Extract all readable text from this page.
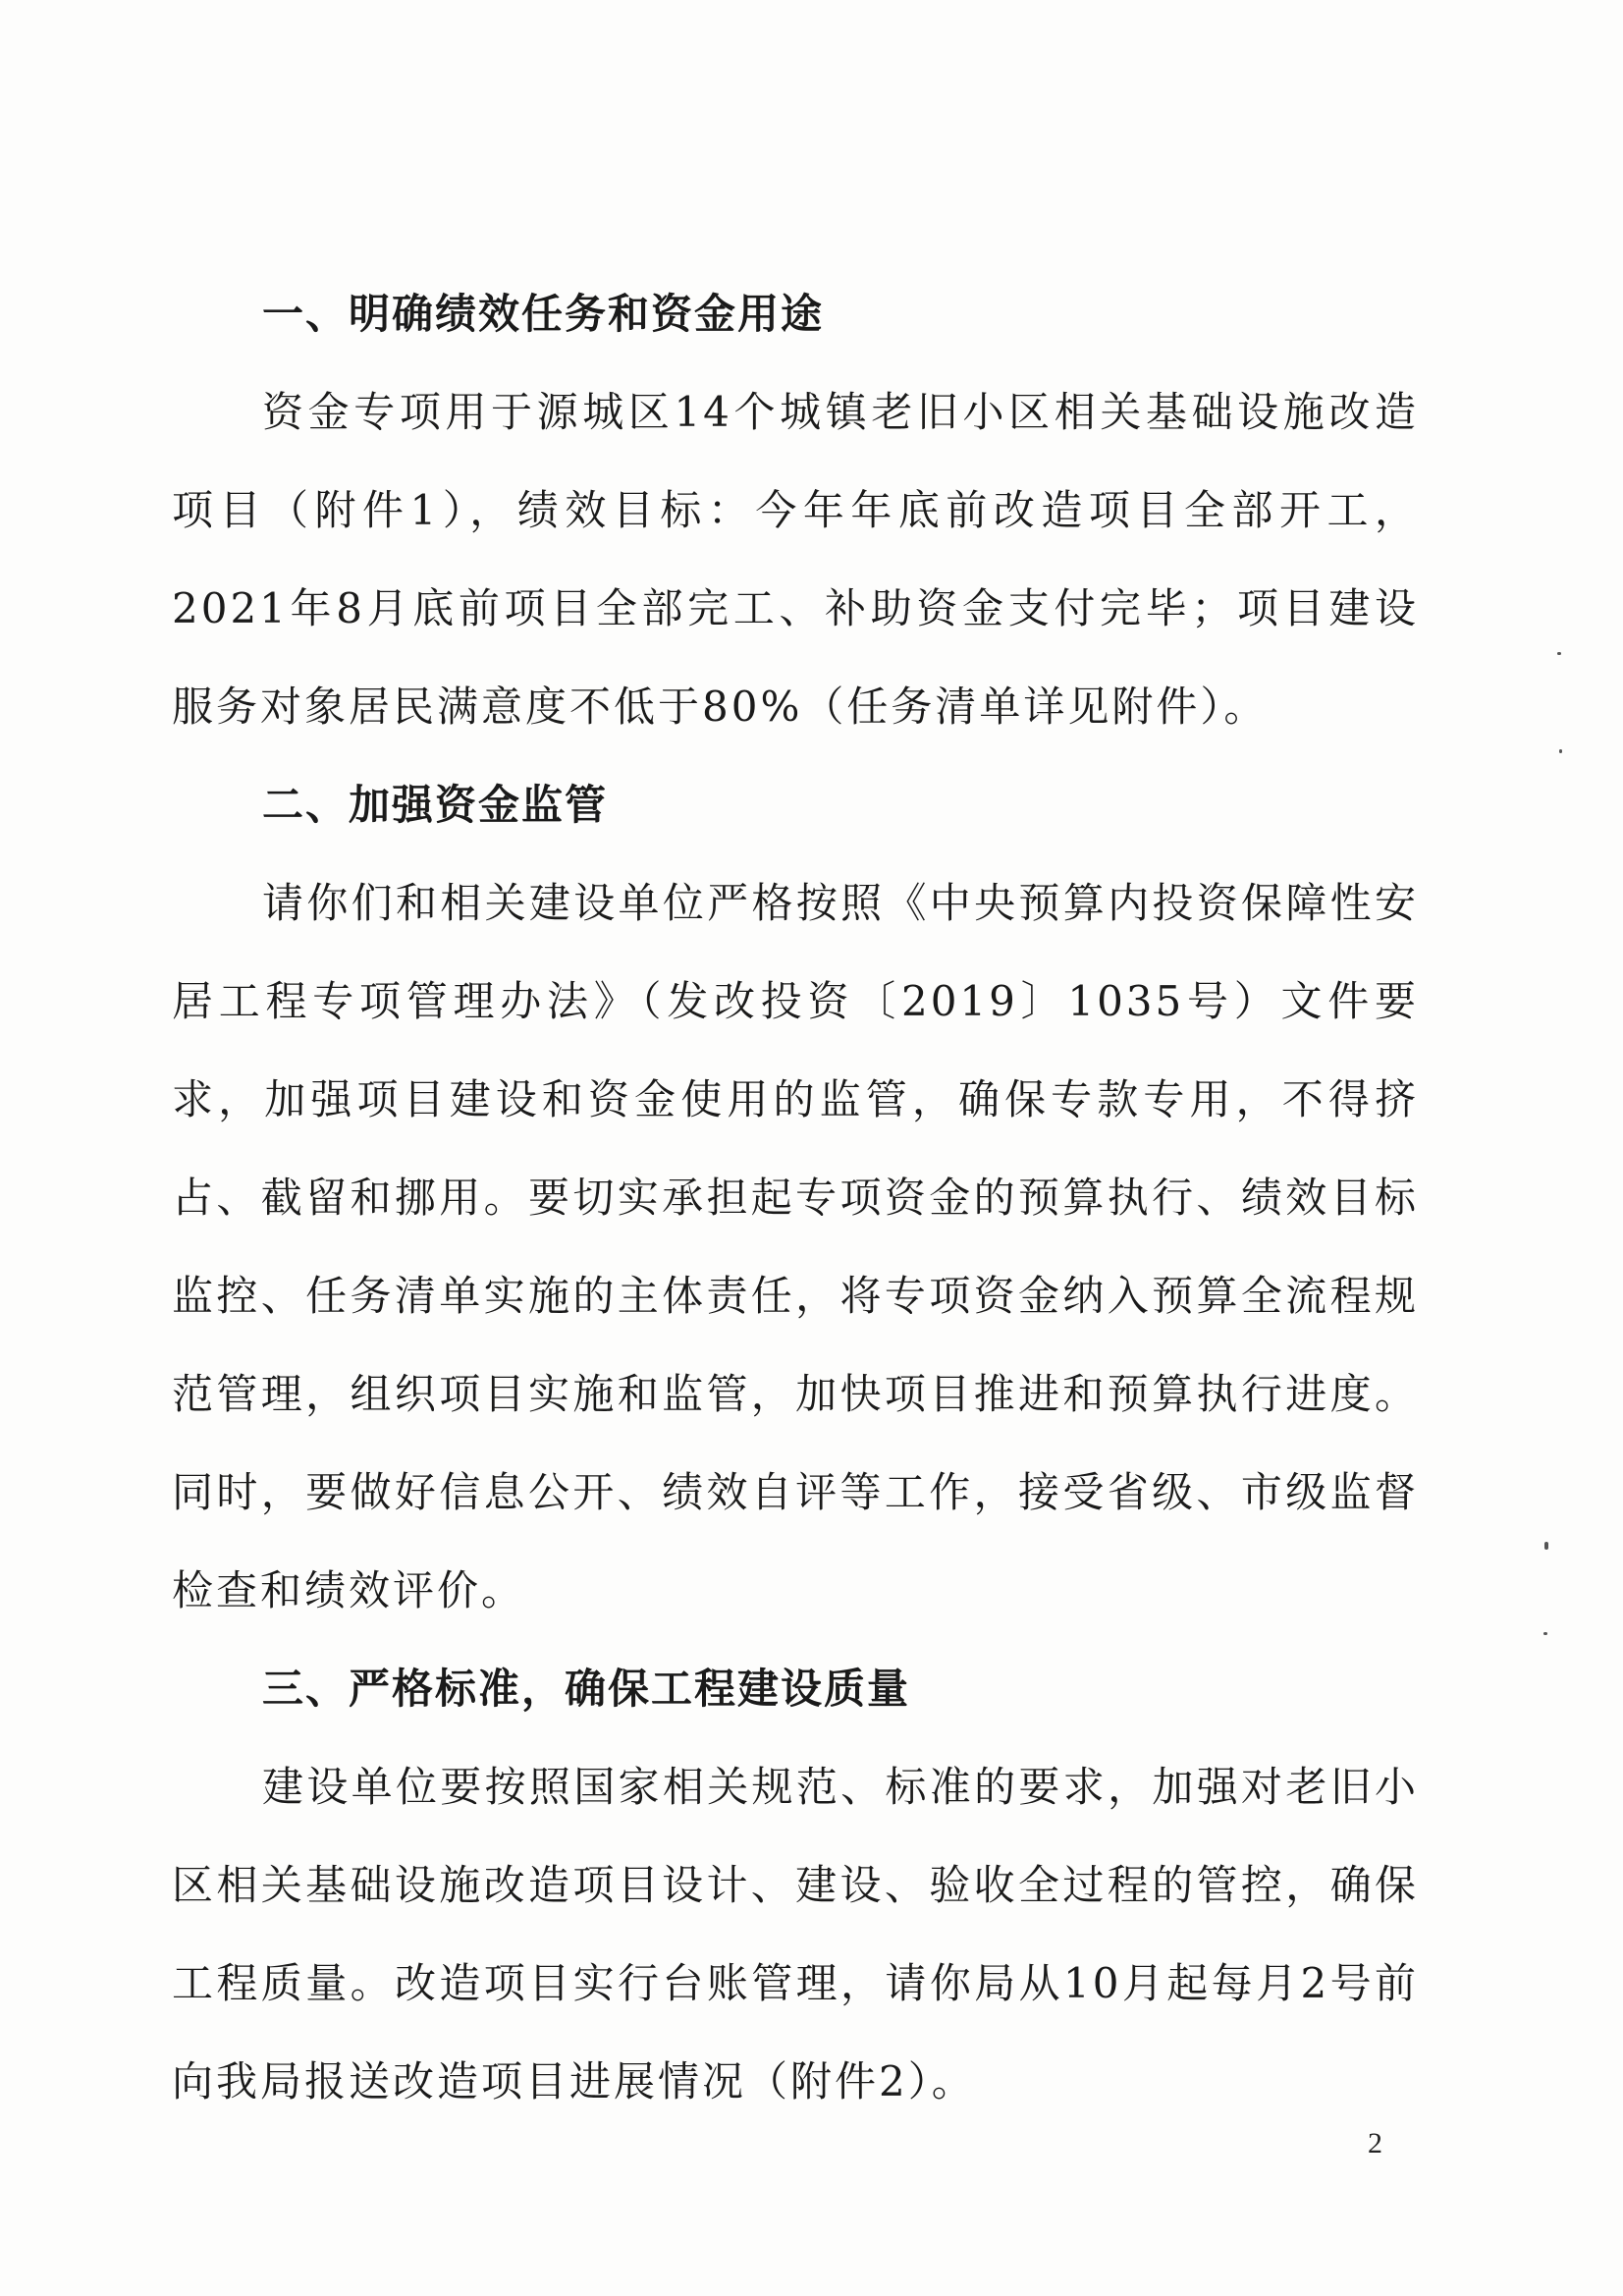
一、明确绩效任务和资金用途

资金专项用于源城区14个城镇老旧小区相关基础设施改造项目（附件1），绩效目标：今年年底前改造项目全部开工，2021年8月底前项目全部完工、补助资金支付完毕；项目建设服务对象居民满意度不低于80%（任务清单详见附件）。

二、加强资金监管

请你们和相关建设单位严格按照《中央预算内投资保障性安居工程专项管理办法》（发改投资〔2019〕1035号）文件要求，加强项目建设和资金使用的监管，确保专款专用，不得挤占、截留和挪用。要切实承担起专项资金的预算执行、绩效目标监控、任务清单实施的主体责任，将专项资金纳入预算全流程规范管理，组织项目实施和监管，加快项目推进和预算执行进度。同时，要做好信息公开、绩效自评等工作，接受省级、市级监督检查和绩效评价。

三、严格标准，确保工程建设质量

建设单位要按照国家相关规范、标准的要求，加强对老旧小区相关基础设施改造项目设计、建设、验收全过程的管控，确保工程质量。改造项目实行台账管理，请你局从10月起每月2号前向我局报送改造项目进展情况（附件2）。

2
